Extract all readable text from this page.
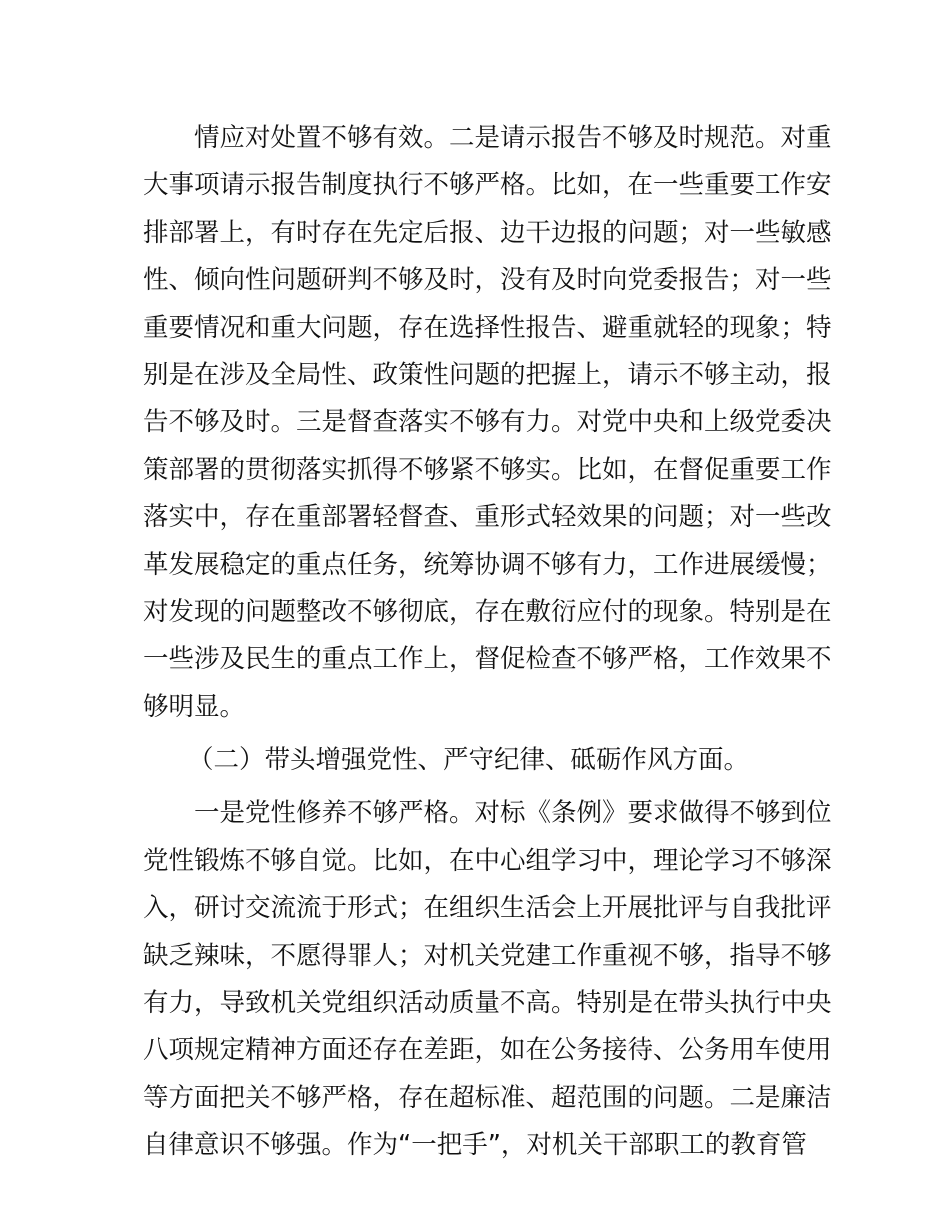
情应对处置不够有效。二是请示报告不够及时规范。对重
大事项请示报告制度执行不够严格。比如，在一些重要工作安
排部署上，有时存在先定后报、边干边报的问题；对一些敏感
性、倾向性问题研判不够及时，没有及时向党委报告；对一些
重要情况和重大问题，存在选择性报告、避重就轻的现象；特
别是在涉及全局性、政策性问题的把握上，请示不够主动，报
告不够及时。三是督查落实不够有力。对党中央和上级党委决
策部署的贯彻落实抓得不够紧不够实。比如，在督促重要工作
落实中，存在重部署轻督查、重形式轻效果的问题；对一些改
革发展稳定的重点任务，统筹协调不够有力，工作进展缓慢；
对发现的问题整改不够彻底，存在敷衍应付的现象。特别是在
一些涉及民生的重点工作上，督促检查不够严格，工作效果不
够明显。
（二）带头增强党性、严守纪律、砥砺作风方面。
一是党性修养不够严格。对标《条例》要求做得不够到位
党性锻炼不够自觉。比如，在中心组学习中，理论学习不够深
入，研讨交流流于形式；在组织生活会上开展批评与自我批评
缺乏辣味，不愿得罪人；对机关党建工作重视不够，指导不够
有力，导致机关党组织活动质量不高。特别是在带头执行中央
八项规定精神方面还存在差距，如在公务接待、公务用车使用
等方面把关不够严格，存在超标准、超范围的问题。二是廉洁
自律意识不够强。作为“一把手”，对机关干部职工的教育管
